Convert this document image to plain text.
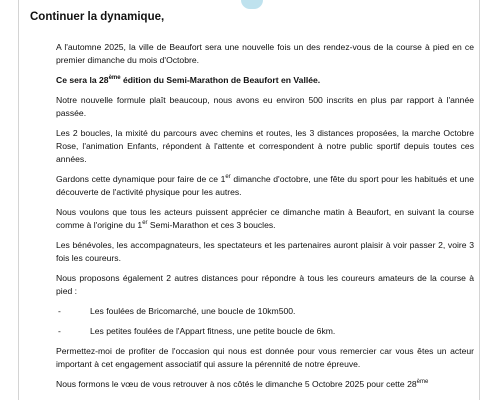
Continuer la dynamique,

A l'automne 2025, la ville de Beaufort sera une nouvelle fois un des rendez-vous de la course à pied en ce premier dimanche du mois d'Octobre.

Ce sera la 28ème édition du Semi-Marathon de Beaufort en Vallée.

Notre nouvelle formule plaît beaucoup, nous avons eu environ 500 inscrits en plus par rapport à l'année passée.

Les 2 boucles, la mixité du parcours avec chemins et routes, les 3 distances proposées, la marche Octobre Rose, l'animation Enfants, répondent à l'attente et correspondent à notre public sportif depuis toutes ces années.

Gardons cette dynamique pour faire de ce 1er dimanche d'octobre, une fête du sport pour les habitués et une découverte de l'activité physique pour les autres.

Nous voulons que tous les acteurs puissent apprécier ce dimanche matin à Beaufort, en suivant la course comme à l'origine du 1er Semi-Marathon et ces 3 boucles.

Les bénévoles, les accompagnateurs, les spectateurs et les partenaires auront plaisir à voir passer 2, voire 3 fois les coureurs.

Nous proposons également 2 autres distances pour répondre à tous les coureurs amateurs de la course à pied :

-	Les foulées de Bricomarché, une boucle de 10km500.
-	Les petites foulées de l'Appart fitness, une petite boucle de 6km.

Permettez-moi de profiter de l'occasion qui nous est donnée pour vous remercier car vous êtes un acteur important à cet engagement associatif qui assure la pérennité de notre épreuve.

Nous formons le vœu de vous retrouver à nos côtés le dimanche 5 Octobre 2025 pour cette 28ème
